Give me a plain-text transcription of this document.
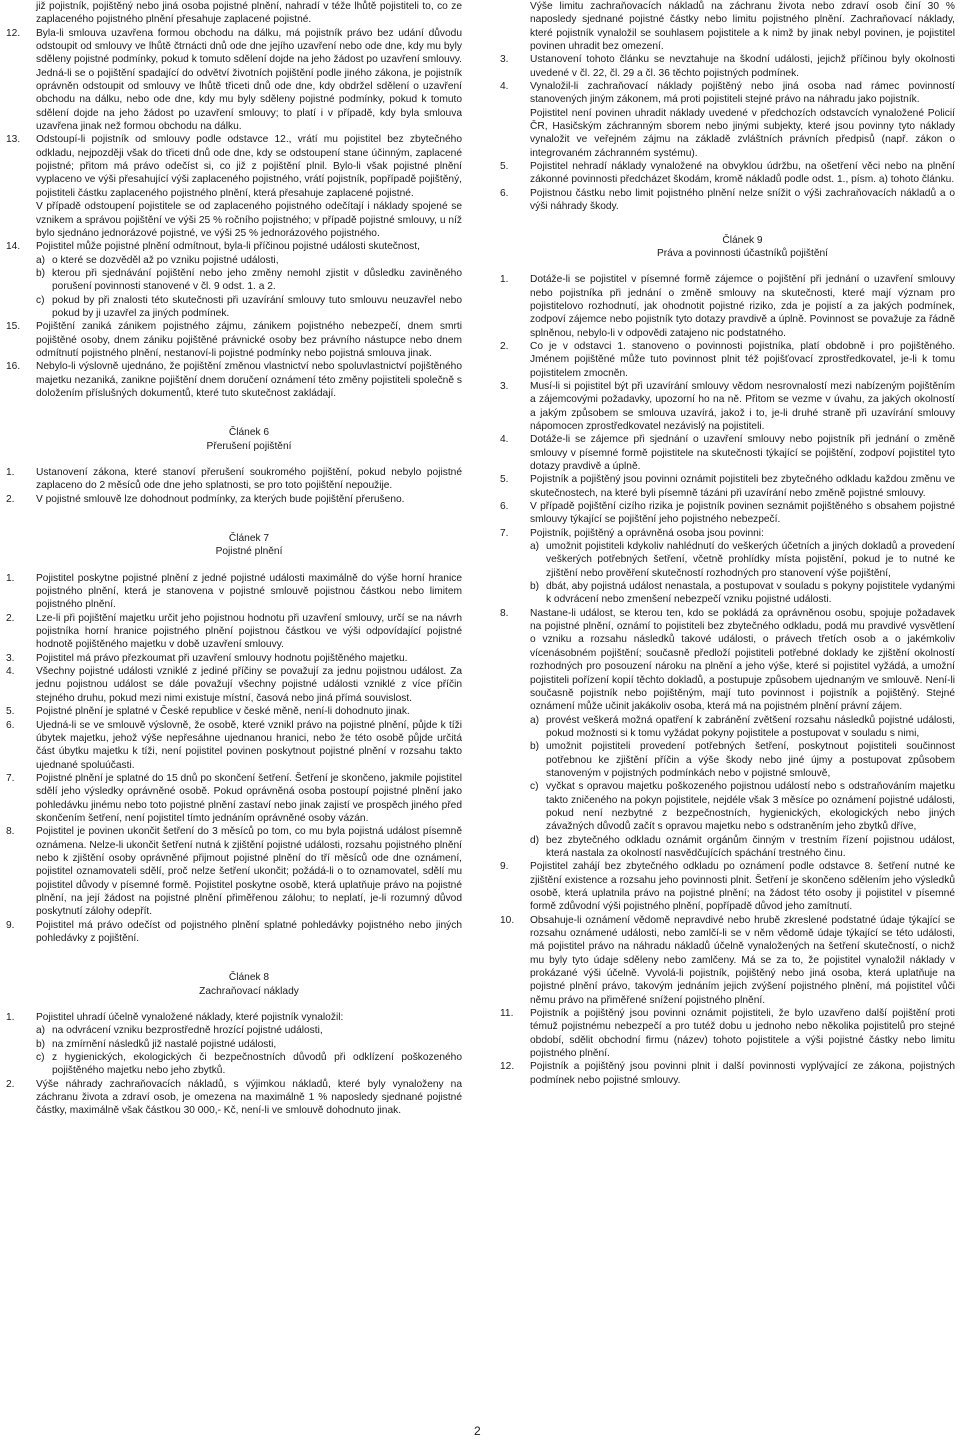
již pojistník, pojištěný nebo jiná osoba pojistné plnění, nahradí v téže lhůtě pojistiteli to, co ze zaplaceného pojistného plnění přesahuje zaplacené pojistné.

12. Byla-li smlouva uzavřena formou obchodu na dálku, má pojistník právo bez udání důvodu odstoupit od smlouvy ve lhůtě čtrnácti dnů ode dne jejího uzavření nebo ode dne, kdy mu byly sděleny pojistné podmínky, pokud k tomuto sdělení dojde na jeho žádost po uzavření smlouvy. Jedná-li se o pojištění spadající do odvětví životních pojištění podle jiného zákona, je pojistník oprávněn odstoupit od smlouvy ve lhůtě třiceti dnů ode dne, kdy obdržel sdělení o uzavření obchodu na dálku, nebo ode dne, kdy mu byly sděleny pojistné podmínky, pokud k tomuto sdělení dojde na jeho žádost po uzavření smlouvy; to platí i v případě, kdy byla smlouva uzavřena jinak než formou obchodu na dálku.
13. Odstoupí-li pojistník od smlouvy podle odstavce 12., vrátí mu pojistitel bez zbytečného odkladu, nejpozději však do třiceti dnů ode dne, kdy se odstoupení stane účinným, zaplacené pojistné; přitom má právo odečíst si, co již z pojištění plnil. Bylo-li však pojistné plnění vyplaceno ve výši přesahující výši zaplaceného pojistného, vrátí pojistník, popřípadě pojištěný, pojistiteli částku zaplaceného pojistného plnění, která přesahuje zaplacené pojistné.

V případě odstoupení pojistitele se od zaplaceného pojistného odečítají i náklady spojené se vznikem a správou pojištění ve výši 25 % ročního pojistného; v případě pojistné smlouvy, u níž bylo sjednáno jednorázové pojistné, ve výši 25 % jednorázového pojistného.

14. Pojistitel může pojistné plnění odmítnout, byla-li příčinou pojistné události skutečnost,
a) o které se dozvěděl až po vzniku pojistné události,
b) kterou při sjednávání pojištění nebo jeho změny nemohl zjistit v důsledku zaviněného porušení povinnosti stanovené v čl. 9 odst. 1. a 2.
c) pokud by při znalosti této skutečnosti při uzavírání smlouvy tuto smlouvu neuzavřel nebo pokud by ji uzavřel za jiných podmínek.
15. Pojištění zaniká zánikem pojistného zájmu, zánikem pojistného nebezpečí, dnem smrti pojištěné osoby, dnem zániku pojištěné právnické osoby bez právního nástupce nebo dnem odmítnutí pojistného plnění, nestanoví-li pojistné podmínky nebo pojistná smlouva jinak.
16. Nebylo-li výslovně ujednáno, že pojištění změnou vlastnictví nebo spoluvlastnictví pojištěného majetku nezaniká, zanikne pojištění dnem doručení oznámení této změny pojistiteli společně s doložením příslušných dokumentů, které tuto skutečnost zakládají.

Článek 6

Přerušení pojištění

1. Ustanovení zákona, které stanoví přerušení soukromého pojištění, pokud nebylo pojistné zaplaceno do 2 měsíců ode dne jeho splatnosti, se pro toto pojištění nepoužije.
2. V pojistné smlouvě lze dohodnout podmínky, za kterých bude pojištění přerušeno.

Článek 7

Pojistné plnění

1. Pojistitel poskytne pojistné plnění z jedné pojistné události maximálně do výše horní hranice pojistného plnění, která je stanovena v pojistné smlouvě pojistnou částkou nebo limitem pojistného plnění.
2. Lze-li při pojištění majetku určit jeho pojistnou hodnotu při uzavření smlouvy, určí se na návrh pojistníka horní hranice pojistného plnění pojistnou částkou ve výši odpovídající pojistné hodnotě pojištěného majetku v době uzavření smlouvy.
3. Pojistitel má právo přezkoumat při uzavření smlouvy hodnotu pojištěného majetku.
4. Všechny pojistné události vzniklé z jediné příčiny se považují za jednu pojistnou událost. Za jednu pojistnou událost se dále považují všechny pojistné události vzniklé z více příčin stejného druhu, pokud mezi nimi existuje místní, časová nebo jiná přímá souvislost.
5. Pojistné plnění je splatné v České republice v české měně, není-li dohodnuto jinak.
6. Ujedná-li se ve smlouvě výslovně, že osobě, které vznikl právo na pojistné plnění, půjde k tíži úbytek majetku, jehož výše nepřesáhne ujednanou hranici, nebo že této osobě půjde určitá část úbytku majetku k tíži, není pojistitel povinen poskytnout pojistné plnění v rozsahu takto ujednané spoluúčasti.
7. Pojistné plnění je splatné do 15 dnů po skončení šetření. Šetření je skončeno, jakmile pojistitel sdělí jeho výsledky oprávněné osobě. Pokud oprávněná osoba postoupí pojistné plnění jako pohledávku jinému nebo toto pojistné plnění zastaví nebo jinak zajistí ve prospěch jiného před skončením šetření, není pojistitel tímto jednáním oprávněné osoby vázán.
8. Pojistitel je povinen ukončit šetření do 3 měsíců po tom, co mu byla pojistná událost písemně oznámena. Nelze-li ukončit šetření nutná k zjištění pojistné události, rozsahu pojistného plnění nebo k zjištění osoby oprávněné přijmout pojistné plnění do tří měsíců ode dne oznámení, pojistitel oznamovateli sdělí, proč nelze šetření ukončit; požádá-li o to oznamovatel, sdělí mu pojistitel důvody v písemné formě. Pojistitel poskytne osobě, která uplatňuje právo na pojistné plnění, na její žádost na pojistné plnění přiměřenou zálohu; to neplatí, je-li rozumný důvod poskytnutí zálohy odepřít.
9. Pojistitel má právo odečíst od pojistného plnění splatné pohledávky pojistného nebo jiných pohledávky z pojištění.

Článek 8

Zachraňovací náklady

1. Pojistitel uhradí účelně vynaložené náklady, které pojistník vynaložil:
a) na odvrácení vzniku bezprostředně hrozící pojistné události,
b) na zmírnění následků již nastalé pojistné události,
c) z hygienických, ekologických či bezpečnostních důvodů při odklízení poškozeného pojištěného majetku nebo jeho zbytků.
2. Výše náhrady zachraňovacích nákladů, s výjimkou nákladů, které byly vynaloženy na záchranu života a zdraví osob, je omezena na maximálně 1 % naposledy sjednané pojistné částky, maximálně však částkou 30 000,- Kč, není-li ve smlouvě dohodnuto jinak.

Výše limitu zachraňovacích nákladů na záchranu života nebo zdraví osob činí 30 % naposledy sjednané pojistné částky nebo limitu pojistného plnění. Zachraňovací náklady, které pojistník vynaložil se souhlasem pojistitele a k nimž by jinak nebyl povinen, je pojistitel povinen uhradit bez omezení.

3. Ustanovení tohoto článku se nevztahuje na škodní události, jejichž příčinou byly okolnosti uvedené v čl. 22, čl. 29 a čl. 36 těchto pojistných podmínek.
4. Vynaložil-li zachraňovací náklady pojištěný nebo jiná osoba nad rámec povinností stanovených jiným zákonem, má proti pojistiteli stejné právo na náhradu jako pojistník.

Pojistitel není povinen uhradit náklady uvedené v předchozích odstavcích vynaložené Policií ČR, Hasičským záchranným sborem nebo jinými subjekty, které jsou povinny tyto náklady vynaložit ve veřejném zájmu na základě zvláštních právních předpisů (např. zákon o integrovaném záchranném systému).

5. Pojistitel nehradí náklady vynaložené na obvyklou údržbu, na ošetření věci nebo na plnění zákonné povinnosti předcházet škodám, kromě nákladů podle odst. 1., písm. a) tohoto článku.
6. Pojistnou částku nebo limit pojistného plnění nelze snížit o výši zachraňovacích nákladů a o výši náhrady škody.

Článek 9

Práva a povinnosti účastníků pojištění

1. Dotáže-li se pojistitel v písemné formě zájemce o pojištění při jednání o uzavření smlouvy nebo pojistníka při jednání o změně smlouvy na skutečnosti, které mají význam pro pojistitelovo rozhodnutí, jak ohodnotit pojistné riziko, zda je pojistí a za jakých podmínek, zodpoví zájemce nebo pojistník tyto dotazy pravdivě a úplně. Povinnost se považuje za řádně splněnou, nebylo-li v odpovědi zatajeno nic podstatného.
2. Co je v odstavci 1. stanoveno o povinnosti pojistníka, platí obdobně i pro pojištěného. Jménem pojištěné může tuto povinnost plnit též pojišťovací zprostředkovatel, je-li k tomu pojistitelem zmocněn.
3. Musí-li si pojistitel být při uzavírání smlouvy vědom nesrovnalostí mezi nabízeným pojištěním a zájemcovými požadavky, upozorní ho na ně. Přitom se vezme v úvahu, za jakých okolností a jakým způsobem se smlouva uzavírá, jakož i to, je-li druhé straně při uzavírání smlouvy nápomocen zprostředkovatel nezávislý na pojistiteli.
4. Dotáže-li se zájemce při sjednání o uzavření smlouvy nebo pojistník při jednání o změně smlouvy v písemné formě pojistitele na skutečnosti týkající se pojištění, zodpoví pojistitel tyto dotazy pravdivě a úplně.
5. Pojistník a pojištěný jsou povinni oznámit pojistiteli bez zbytečného odkladu každou změnu ve skutečnostech, na které byli písemně tázáni při uzavírání nebo změně pojistné smlouvy.
6. V případě pojištění cizího rizika je pojistník povinen seznámit pojištěného s obsahem pojistné smlouvy týkající se pojištění jeho pojistného nebezpečí.
7. Pojistník, pojištěný a oprávněná osoba jsou povinni:
a) umožnit pojistiteli kdykoliv nahlédnutí do veškerých účetních a jiných dokladů a provedení veškerých potřebných šetření, včetně prohlídky místa pojistění, pokud je to nutné ke zjištění nebo prověření skutečností rozhodných pro stanovení výše pojištění,
b) dbát, aby pojistná událost nenastala, a postupovat v souladu s pokyny pojistitele vydanými k odvrácení nebo zmenšení nebezpečí vzniku pojistné události.
8. Nastane-li událost, se kterou ten, kdo se pokládá za oprávněnou osobu, spojuje požadavek na pojistné plnění, oznámí to pojistiteli bez zbytečného odkladu, podá mu pravdivé vysvětlení o vzniku a rozsahu následků takové události, o právech třetích osob a o jakémkoliv vícenásobném pojištění; současně předloží pojistiteli potřebné doklady ke zjištění okolností rozhodných pro posouzení nároku na plnění a jeho výše, které si pojistitel vyžádá, a umožní pojistiteli pořízení kopií těchto dokladů, a postupuje způsobem ujednaným ve smlouvě. Není-li současně pojistník nebo pojištěným, mají tuto povinnost i pojistník a pojištěný. Stejné oznámení může učinit jakákoliv osoba, která má na pojistném plnění právní zájem.
a) provést veškerá možná opatření k zabránění zvětšení rozsahu následků pojistné události, pokud možnosti si k tomu vyžádat pokyny pojistitele a postupovat v souladu s nimi,
b) umožnit pojistiteli provedení potřebných šetření, poskytnout pojistiteli součinnost potřebnou ke zjištění příčin a výše škody nebo jiné újmy a postupovat způsobem stanoveným v pojistných podmínkách nebo v pojistné smlouvě,
c) vyčkat s opravou majetku poškozeného pojistnou událostí nebo s odstraňováním majetku takto zničeného na pokyn pojistitele, nejdéle však 3 měsíce po oznámení pojistné události, pokud není nezbytné z bezpečnostních, hygienických, ekologických nebo jiných závažných důvodů začít s opravou majetku nebo s odstraněním jeho zbytků dříve,
d) bez zbytečného odkladu oznámit orgánům činným v trestním řízení pojistnou událost, která nastala za okolností nasvědčujících spáchání trestného činu.
9. Pojistitel zahájí bez zbytečného odkladu po oznámení podle odstavce 8. šetření nutné ke zjištění existence a rozsahu jeho povinnosti plnit. Šetření je skončeno sdělením jeho výsledků osobě, která uplatnila právo na pojistné plnění; na žádost této osoby ji pojistitel v písemné formě zdůvodní výši pojistného plnění, popřípadě důvod jeho zamítnutí.
10. Obsahuje-li oznámení vědomě nepravdivé nebo hrubě zkreslené podstatné údaje týkající se rozsahu oznámené události, nebo zamlčí-li se v něm vědomě údaje týkající se této události, má pojistitel právo na náhradu nákladů účelně vynaložených na šetření skutečností, o nichž mu byly tyto údaje sděleny nebo zamlčeny. Má se za to, že pojistitel vynaložil náklady v prokázané výši účelně. Vyvolá-li pojistník, pojištěný nebo jiná osoba, která uplatňuje na pojistné plnění právo, takovým jednáním jejich zvýšení pojistného plnění, má pojistitel vůči němu právo na přiměřené snížení pojistného plnění.
11. Pojistník a pojištěný jsou povinni oznámit pojistiteli, že bylo uzavřeno další pojištění proti témuž pojistnému nebezpečí a pro tutéž dobu u jednoho nebo několika pojistitelů pro stejné období, sdělit obchodní firmu (název) tohoto pojistitele a výši pojistné částky nebo limitu pojistného plnění.
12. Pojistník a pojištěný jsou povinni plnit i další povinnosti vyplývající ze zákona, pojistných podmínek nebo pojistné smlouvy.
2
